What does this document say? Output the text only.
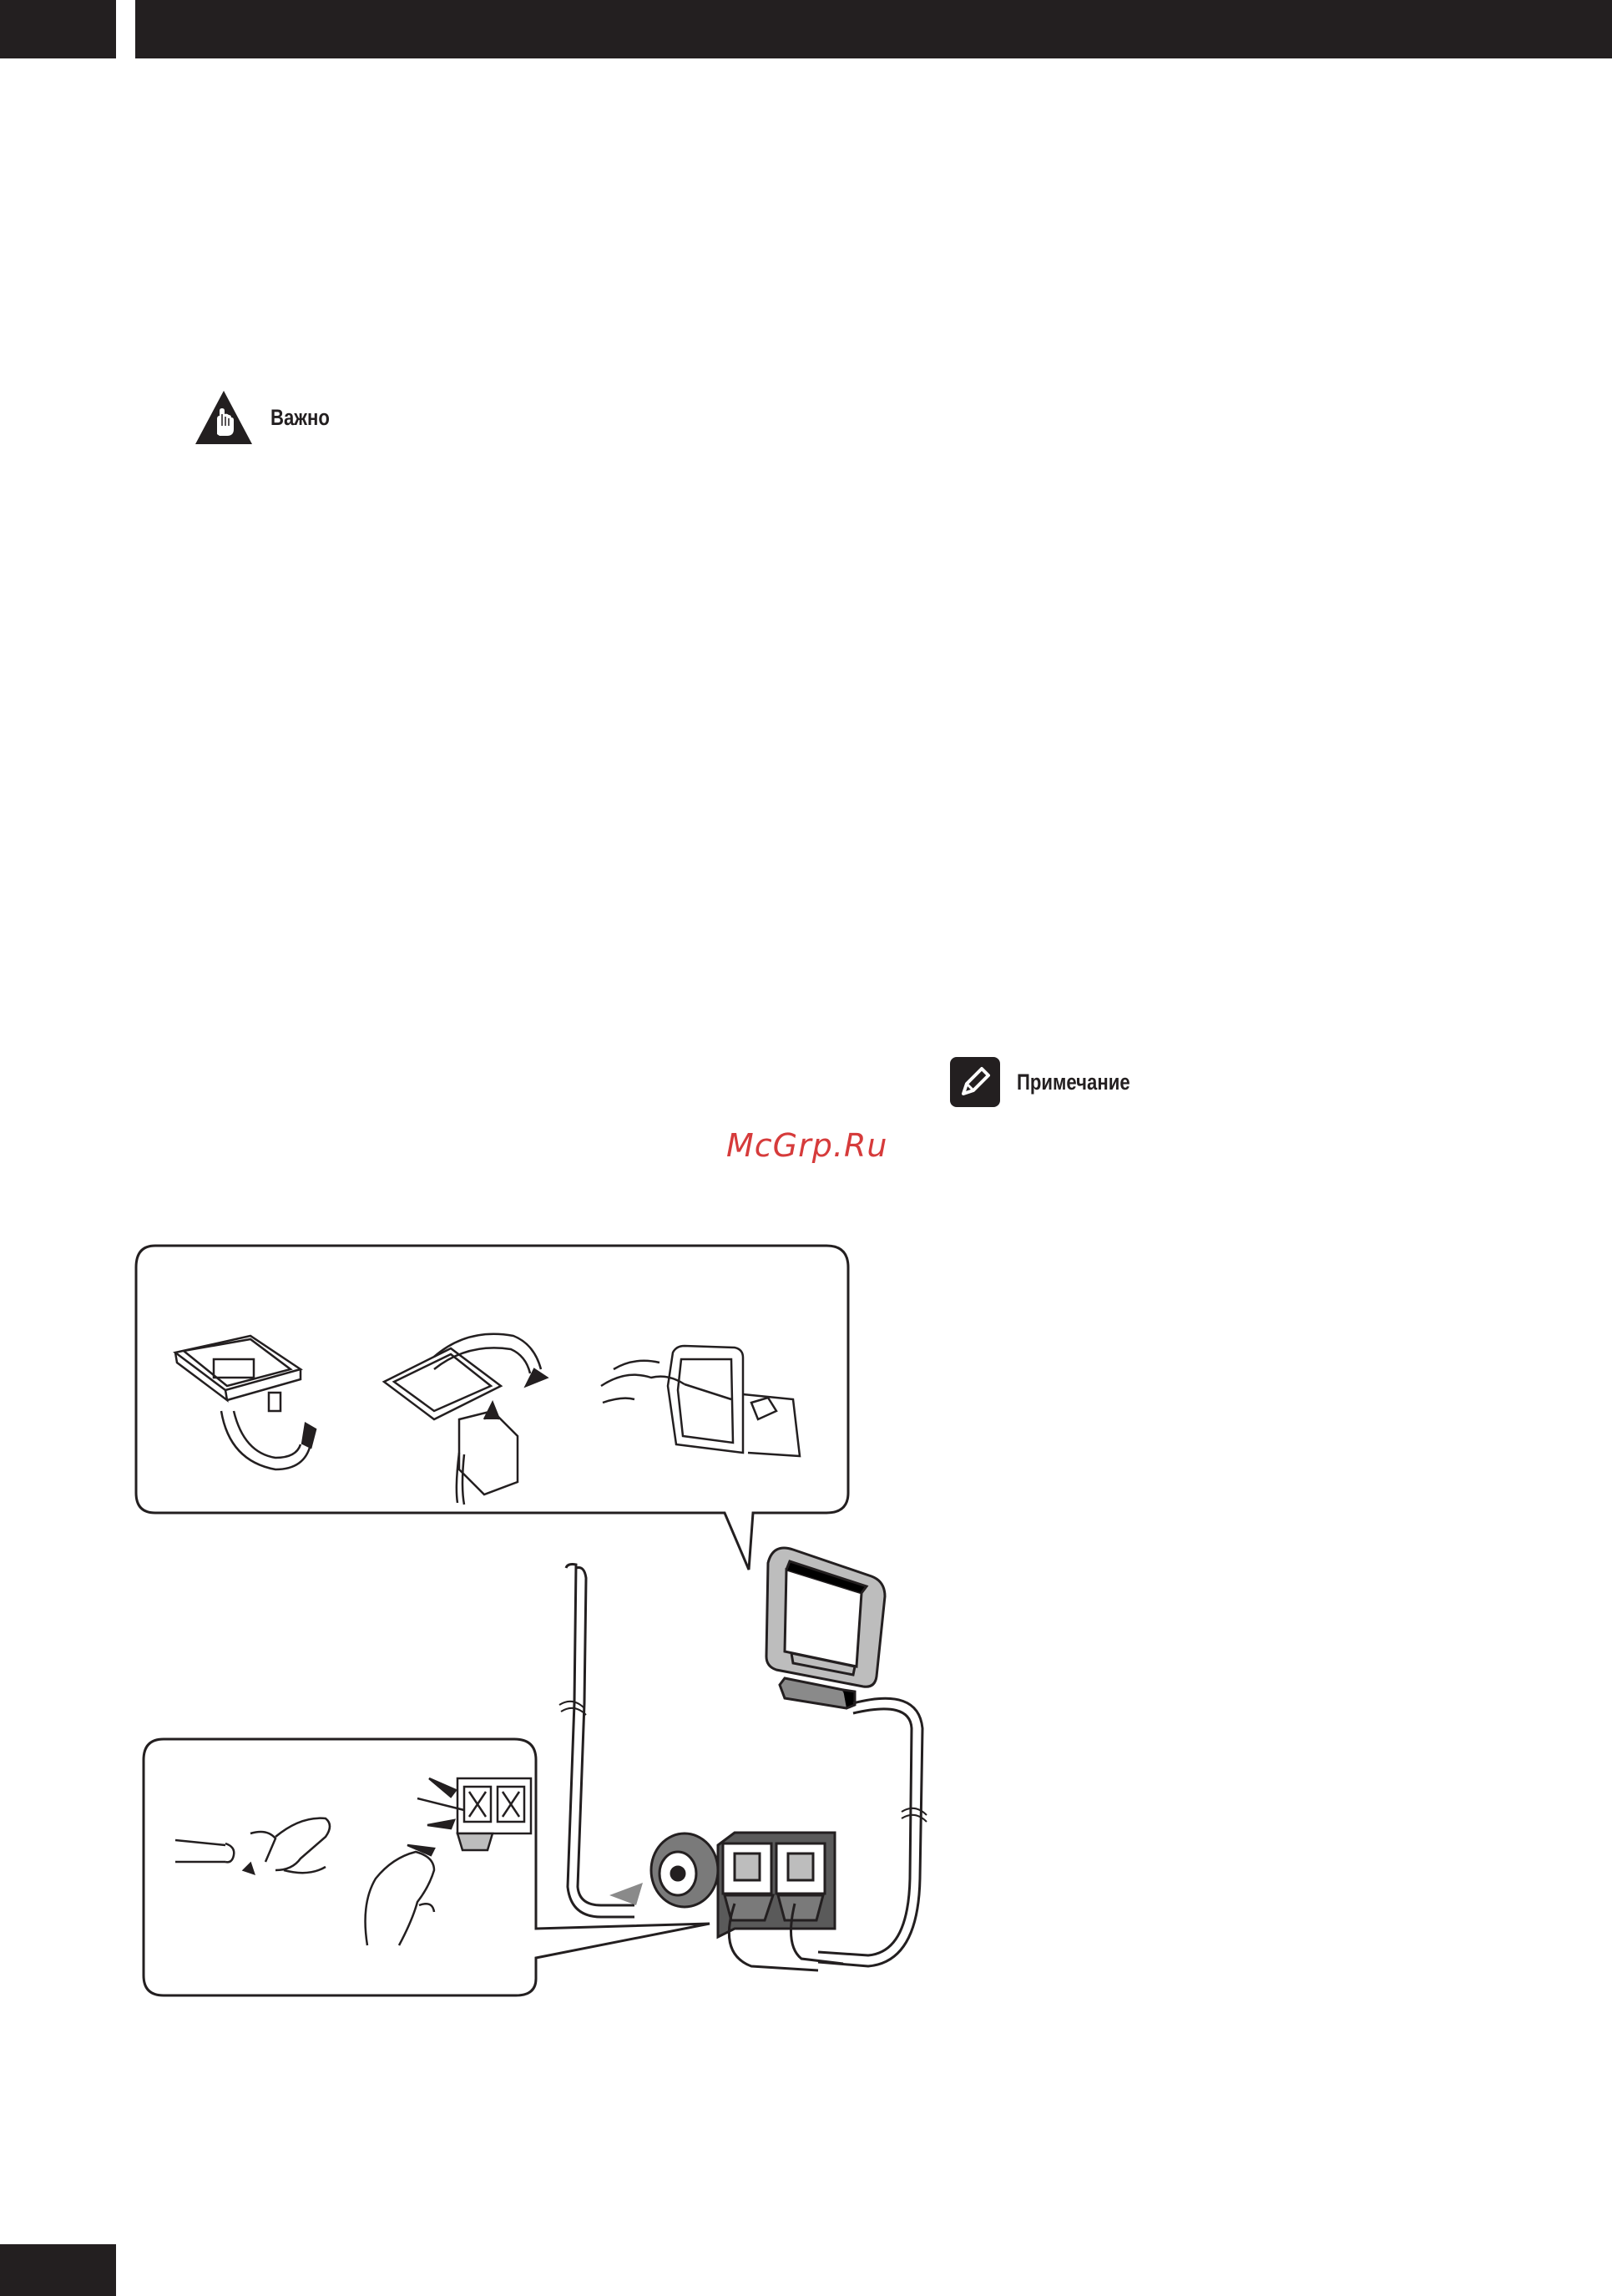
Важно
Примечание
McGrp.Ru
